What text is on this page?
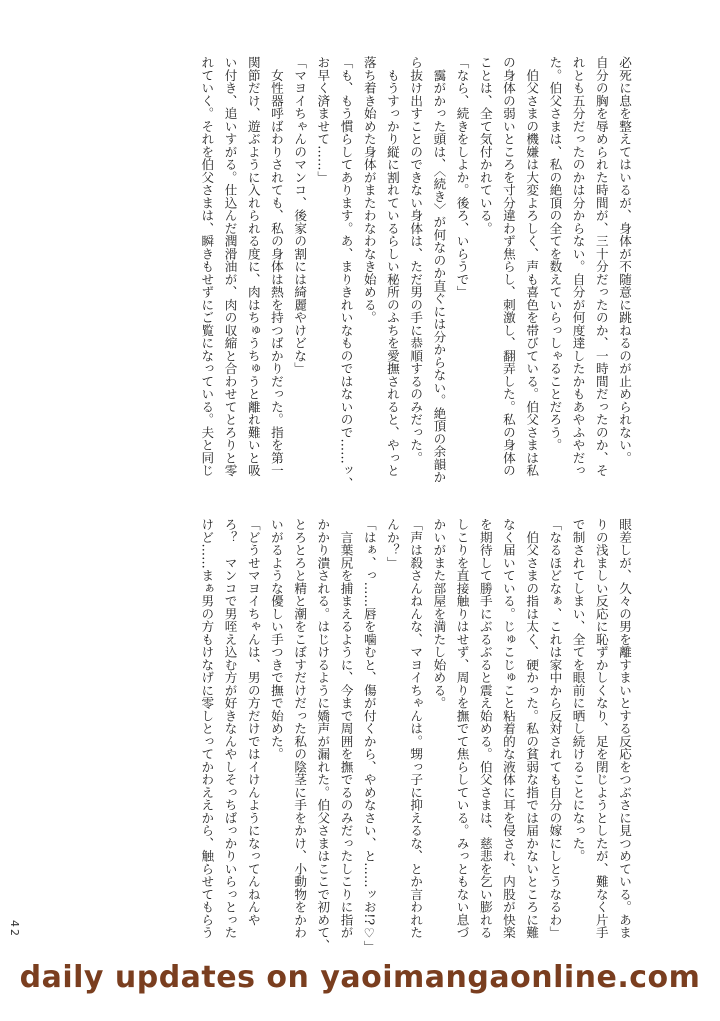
必死に息を整えてはいるが、身体が不随意に跳ねるのが止められない。
自分の胸を辱められた時間が、三十分だったのか、一時間だったのか、そ
れとも五分だったのかは分からない。自分が何度達したかもあやふやだっ
た。伯父さまは、私の絶頂の全てを数えていらっしゃることだろう。
　伯父さまの機嫌は大変よろしく、声も喜色を帯びている。伯父さまは私
の身体の弱いところを寸分違わず焦らし、刺激し、翻弄した。私の身体の
ことは、全て気付かれている。
「なら、続きをしよか。後ろ、いらうで」
　靄がかった頭は、〈続き〉が何なのか直ぐには分からない。絶頂の余韻か
ら抜け出すことのできない身体は、ただ男の手に恭順するのみだった。
　もうすっかり縦に割れているらしい秘所のふちを愛撫されると、やっと
落ち着き始めた身体がまたわなわなき始める。
「も、もう慣らしてあります。あ、まりきれいなものではないので……ッ、
お早く済ませて……」
「マヨイちゃんのマンコ、後家の割には綺麗やけどな」
　女性器呼ばわりされても、私の身体は熱を持つばかりだった。指を第一
関節だけ、遊ぶように入れられる度に、肉はちゅうちゅうと離れ難いと吸
い付き、追いすがる。仕込んだ潤滑油が、肉の収縮と合わせてとろりと零
れていく。それを伯父さまは、瞬きもせずにご覧になっている。夫と同じ
眼差しが、久々の男を離すまいとする反応をつぶさに見つめている。あま
りの浅ましい反応に恥ずかしくなり、足を閉じようとしたが、難なく片手
で制されてしまい、全てを眼前に晒し続けることになった。
「なるほどなぁ、これは家中から反対されても自分の嫁にしとうなるわ」
　伯父さまの指は太く、硬かった。私の貧弱な指では届かないところに難
なく届いている。じゅこじゅこと粘着的な液体に耳を侵され、内股が快楽
を期待して勝手にぶるぶると震え始める。伯父さまは、慈悲を乞い膨れる
しこりを直接触りはせず、周りを撫でて焦らしている。みっともない息づ
かいがまた部屋を満たし始める。
「声は殺さんねんな、マヨイちゃんは。甥っ子に抑えるな、とか言われた
んか？」
「はぁ、っ……唇を噛むと、傷が付くから、やめなさい、と……ッお!?♡」
　言葉尻を捕まえるように、今まで周囲を撫でるのみだったしこりに指が
かかり潰される。はじけるように嬌声が漏れた。伯父さまはここで初めて、
とろとろと精と潮をこぼすだけだった私の陰茎に手をかけ、小動物をかわ
いがるような優しい手つきで撫で始めた。
「どうせマヨイちゃんは、男の方だけではイけんようになってんねんや
ろ？　マンコで男咥え込む方が好きなんやしそっちばっかりいらっとった
けど……まぁ男の方もけなげに零しとってかわええから、触らせてもらう
42
daily updates on yaoimangaonline.com
